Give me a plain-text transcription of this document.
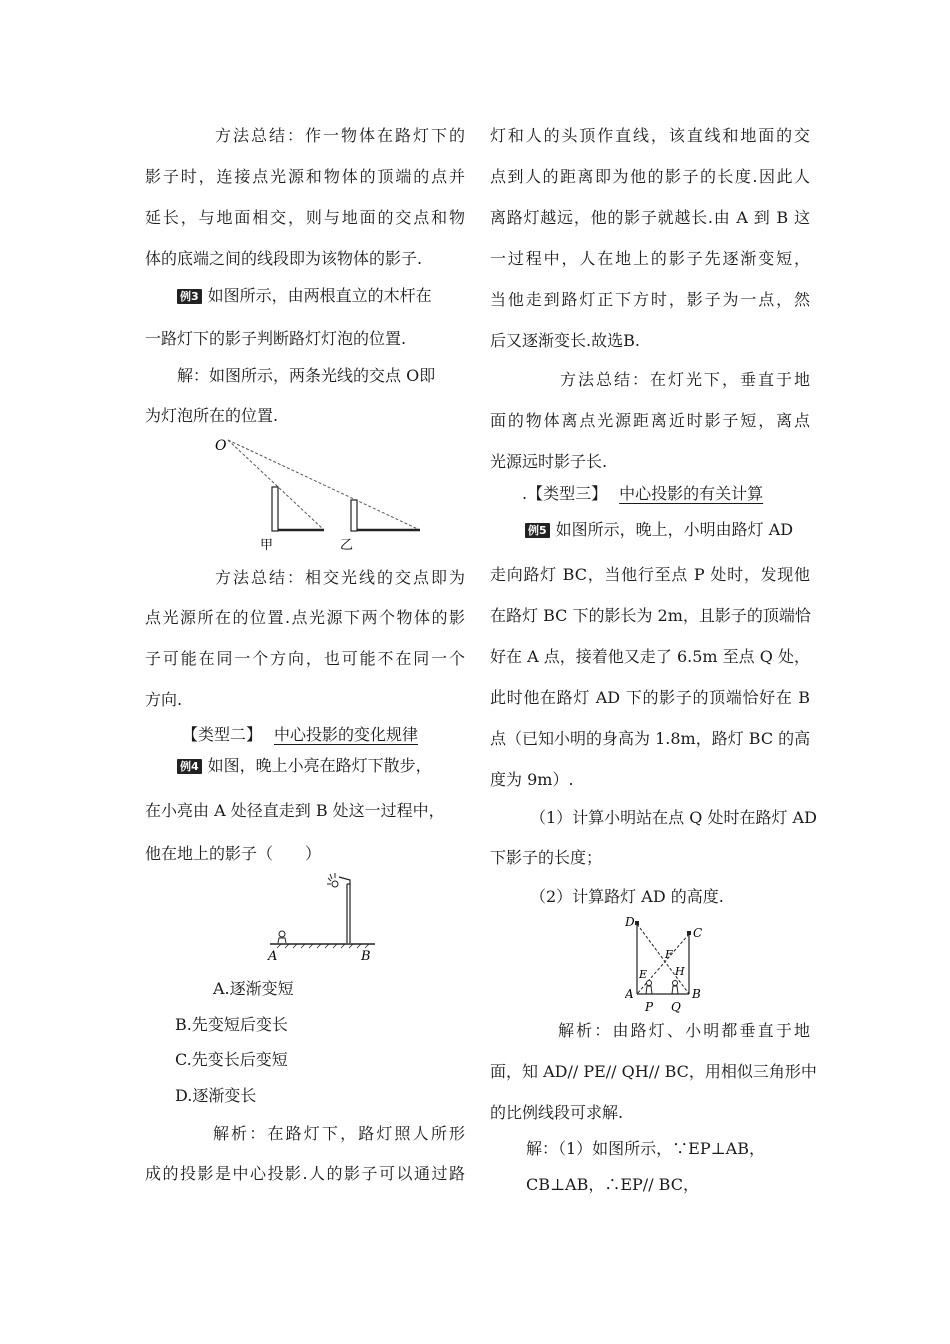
方法总结：作一物体在路灯下的
影子时，连接点光源和物体的顶端的点并
延长，与地面相交，则与地面的交点和物
体的底端之间的线段即为该物体的影子.
例3 如图所示，由两根直立的木杆在
一路灯下的影子判断路灯灯泡的位置.
解：如图所示，两条光线的交点 O即
为灯泡所在的位置.
O
甲	乙
方法总结：相交光线的交点即为
点光源所在的位置.点光源下两个物体的影
子可能在同一个方向，也可能不在同一个
方向.
【类型二】 中心投影的变化规律
例4 如图，晚上小亮在路灯下散步，
在小亮由 A 处径直走到 B 处这一过程中，
他在地上的影子（　　）
A	B
A.逐渐变短
B.先变短后变长
C.先变长后变短
D.逐渐变长
解析：在路灯下，路灯照人所形
成的投影是中心投影.人的影子可以通过路
灯和人的头顶作直线，该直线和地面的交
点到人的距离即为他的影子的长度.因此人
离路灯越远，他的影子就越长.由 A 到 B 这
一过程中，人在地上的影子先逐渐变短，
当他走到路灯正下方时，影子为一点，然
后又逐渐变长.故选B.
方法总结：在灯光下，垂直于地
面的物体离点光源距离近时影子短，离点
光源远时影子长.
.【类型三】 中心投影的有关计算
例5 如图所示，晚上，小明由路灯 AD
走向路灯 BC，当他行至点 P 处时，发现他
在路灯 BC 下的影长为 2m，且影子的顶端恰
好在 A 点，接着他又走了 6.5m 至点 Q 处，
此时他在路灯 AD 下的影子的顶端恰好在 B
点（已知小明的身高为 1.8m，路灯 BC 的高
度为 9m）.
（1）计算小明站在点 Q 处时在路灯 AD
下影子的长度；
（2）计算路灯 AD 的高度.
D
C
F
E	H
A	B
P Q
解析：由路灯、小明都垂直于地
面，知 AD// PE// QH// BC，用相似三角形中
的比例线段可求解.
解：（1）如图所示，∵EP⊥AB，
CB⊥AB，∴EP// BC，
